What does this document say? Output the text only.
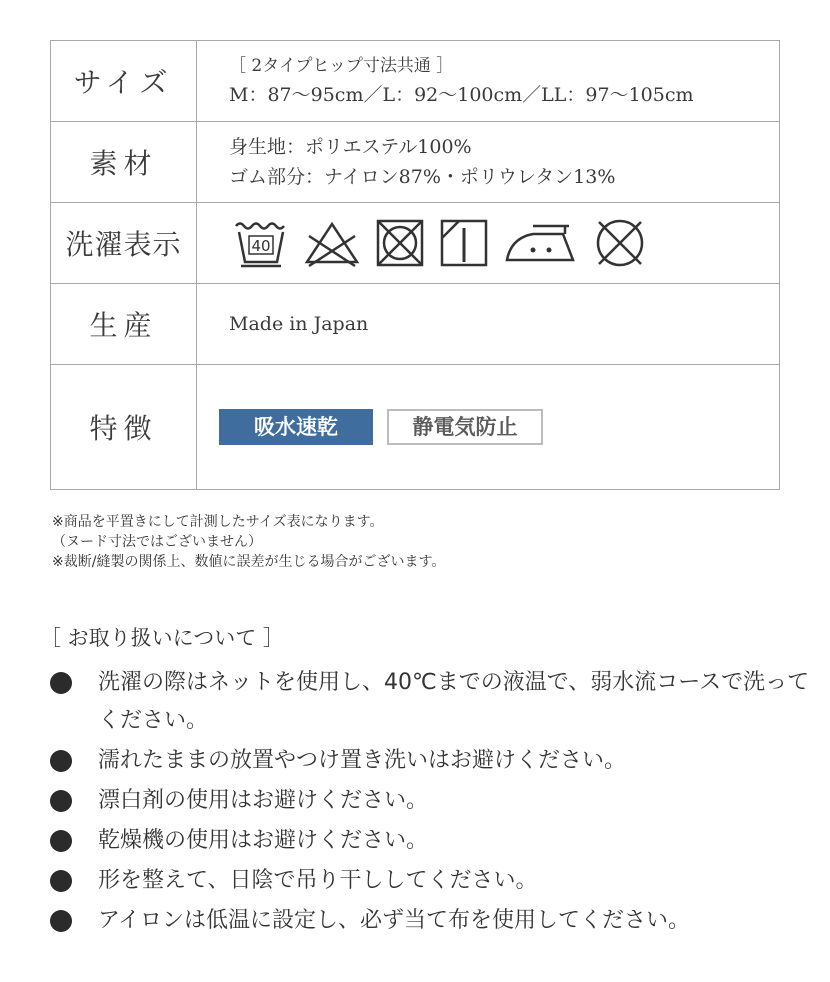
サイズ	［ 2タイプヒップ寸法共通 ］
M：87〜95cm／L：92〜100cm／LL：97〜105cm

素材	身生地：ポリエステル100%
ゴム部分：ナイロン87%・ポリウレタン13%

洗濯表示	40

生産	Made in Japan
特徴	吸水速乾 静電気防止
※商品を平置きにして計測したサイズ表になります。
（ヌード寸法ではございません）
※裁断/縫製の関係上、数値に誤差が生じる場合がございます。
［ お取り扱いについて ］
洗濯の際はネットを使用し、40℃までの液温で、弱水流コースで洗ってください。
濡れたままの放置やつけ置き洗いはお避けください。
漂白剤の使用はお避けください。
乾燥機の使用はお避けください。
形を整えて、日陰で吊り干ししてください。
アイロンは低温に設定し、必ず当て布を使用してください。
